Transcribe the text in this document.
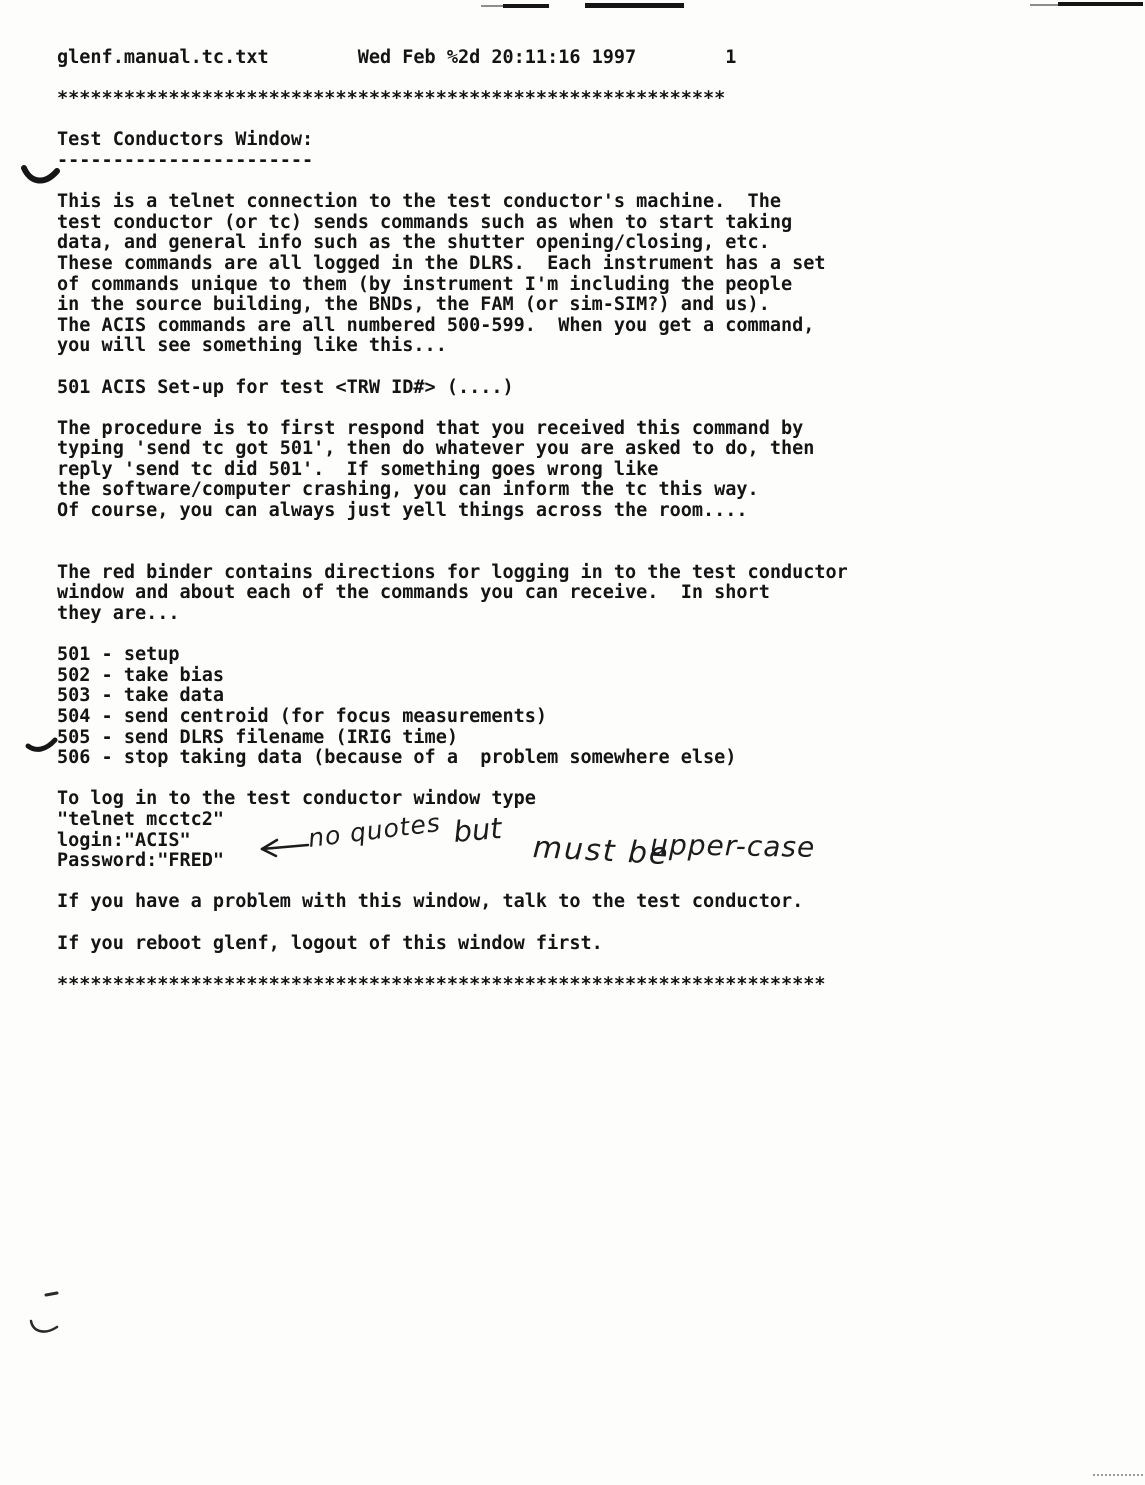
glenf.manual.tc.txt        Wed Feb %2d 20:11:16 1997        1

************************************************************

Test Conductors Window:
-----------------------

This is a telnet connection to the test conductor's machine.  The
test conductor (or tc) sends commands such as when to start taking
data, and general info such as the shutter opening/closing, etc.
These commands are all logged in the DLRS.  Each instrument has a set
of commands unique to them (by instrument I'm including the people
in the source building, the BNDs, the FAM (or sim-SIM?) and us).
The ACIS commands are all numbered 500-599.  When you get a command,
you will see something like this...

501 ACIS Set-up for test <TRW ID#> (....)

The procedure is to first respond that you received this command by
typing 'send tc got 501', then do whatever you are asked to do, then
reply 'send tc did 501'.  If something goes wrong like
the software/computer crashing, you can inform the tc this way.
Of course, you can always just yell things across the room....

The red binder contains directions for logging in to the test conductor
window and about each of the commands you can receive.  In short
they are...

501 - setup
502 - take bias
503 - take data
504 - send centroid (for focus measurements)
505 - send DLRS filename (IRIG time)
506 - stop taking data (because of a  problem somewhere else)

To log in to the test conductor window type
"telnet mcctc2"
login:"ACIS"
Password:"FRED"

If you have a problem with this window, talk to the test conductor.

If you reboot glenf, logout of this window first.

*********************************************************************
no quotes but
must be
upper-case
